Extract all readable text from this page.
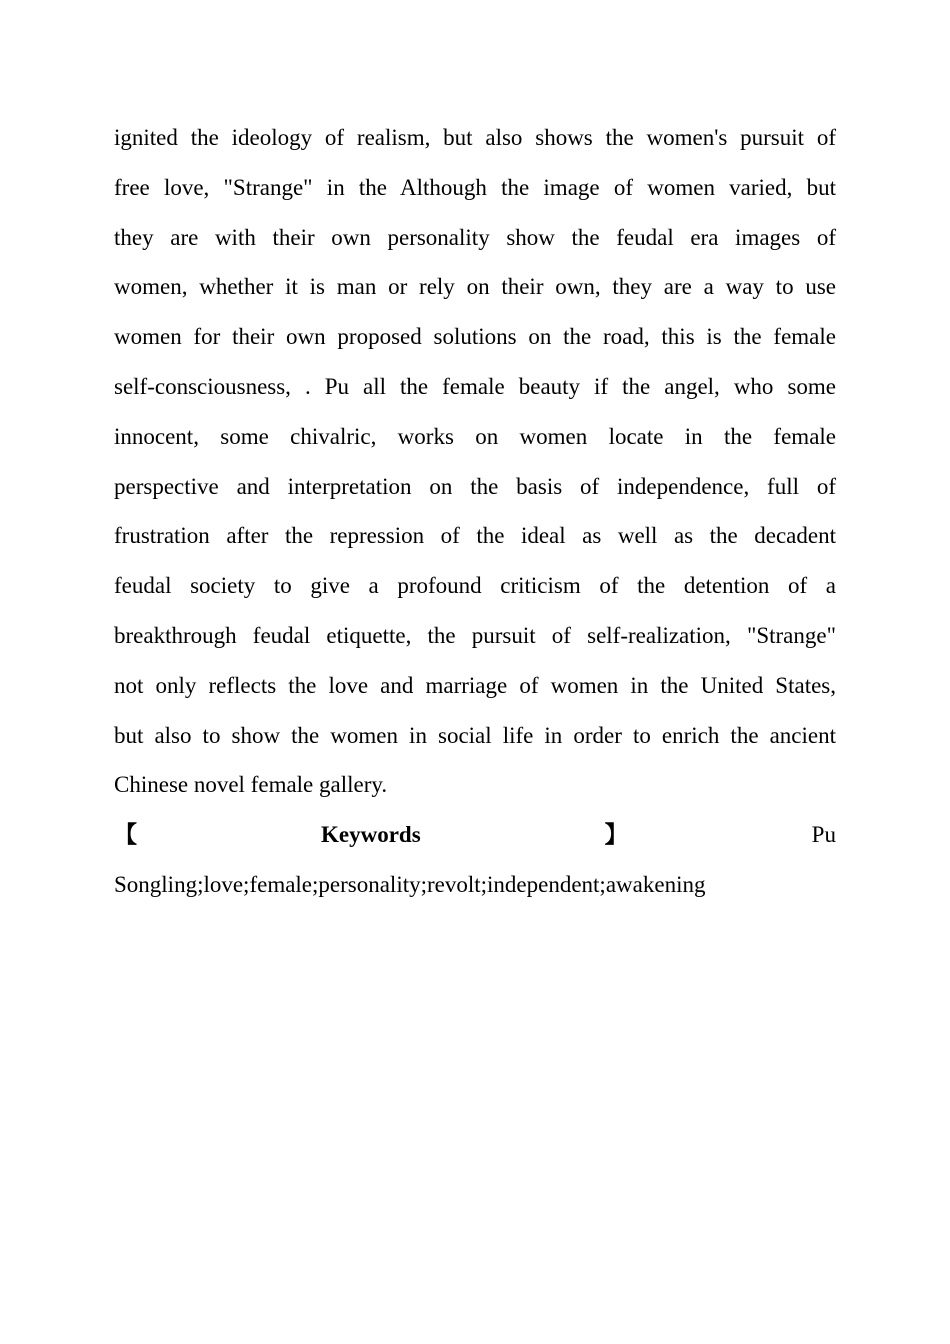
ignited the ideology of realism, but also shows the women's pursuit of
free love, "Strange" in the Although the image of women varied, but
they are with their own personality show the feudal era images of
women, whether it is man or rely on their own, they are a way to use
women for their own proposed solutions on the road, this is the female
self-consciousness, . Pu all the female beauty if the angel, who some
innocent, some chivalric, works on women locate in the female
perspective and interpretation on the basis of independence, full of
frustration after the repression of the ideal as well as the decadent
feudal society to give a profound criticism of the detention of a
breakthrough feudal etiquette, the pursuit of self-realization, "Strange"
not only reflects the love and marriage of women in the United States,
but also to show the women in social life in order to enrich the ancient
Chinese novel female gallery.
【	Keywords	】	Pu
Songling;love;female;personality;revolt;independent;awakening
